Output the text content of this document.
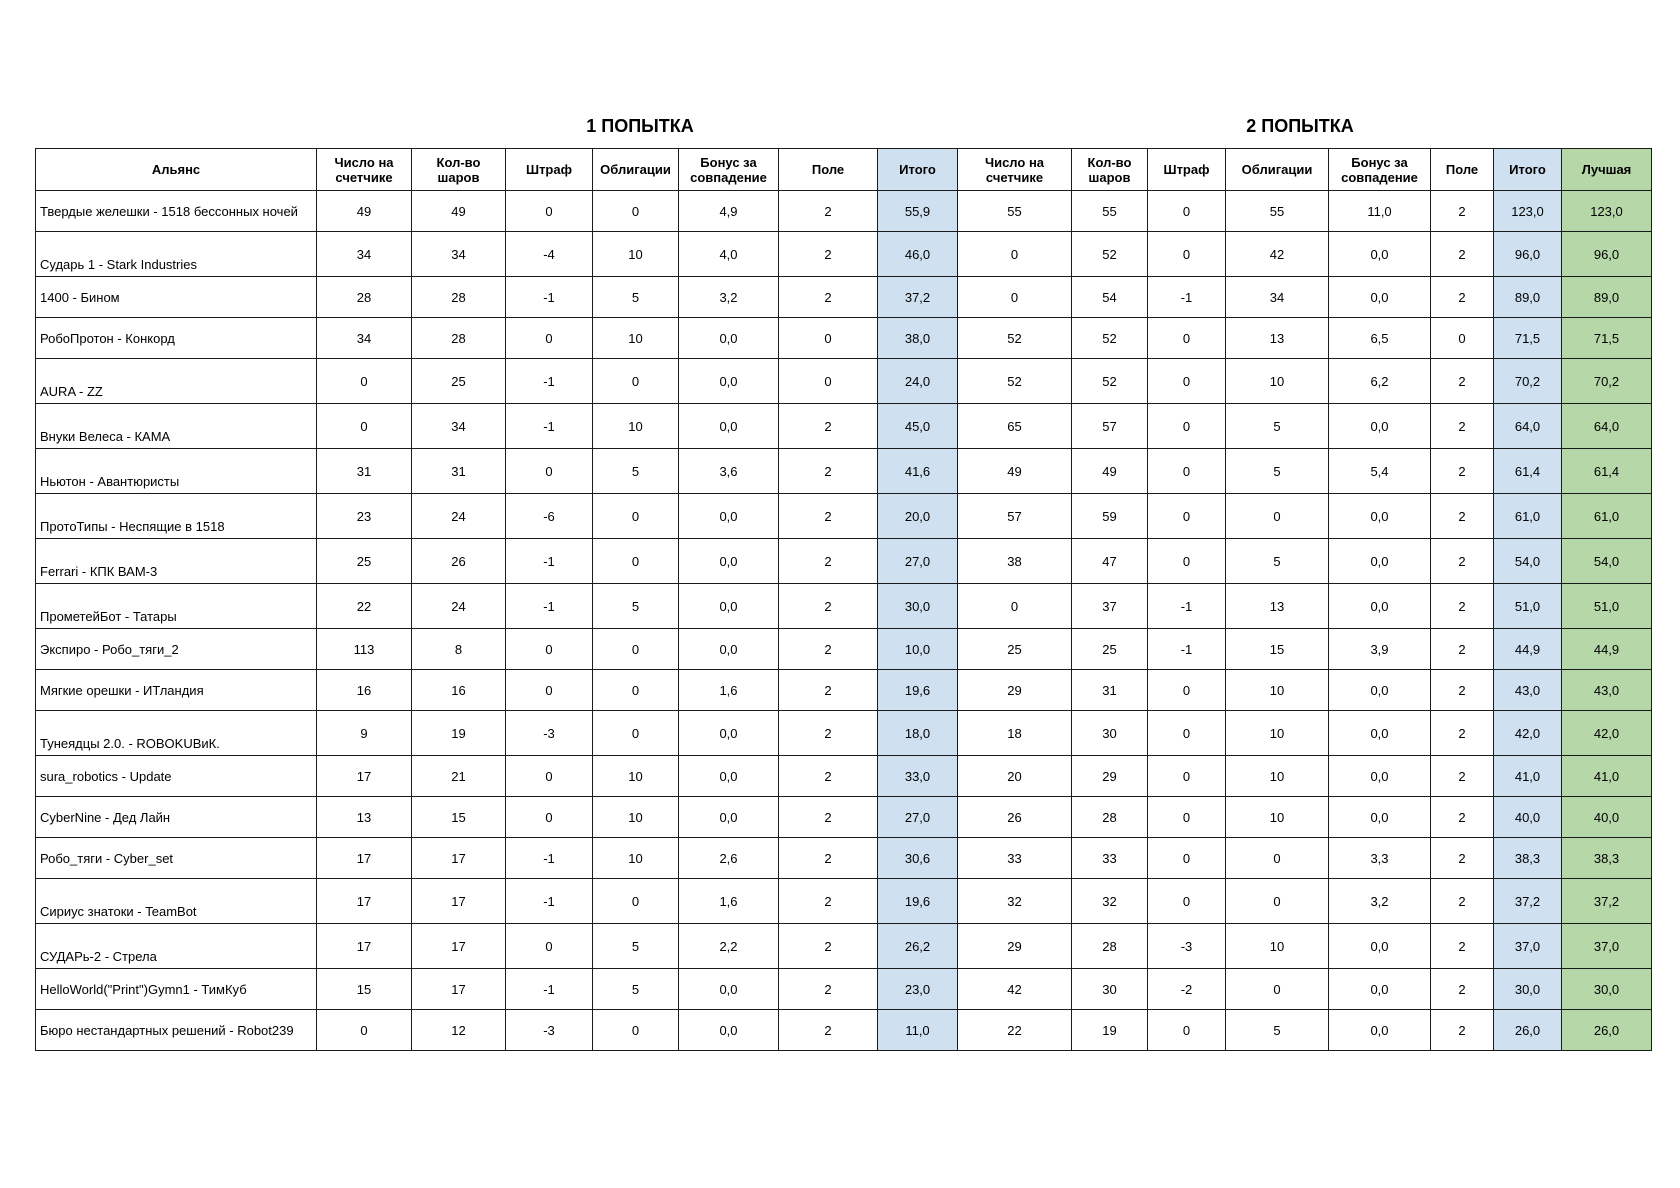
1 ПОПЫТКА	2 ПОПЫТКА
Альянс	Число на счетчике	Кол-во шаров	Штраф	Облигации	Бонус за совпадение	Поле	Итого	Число на счетчике	Кол-во шаров	Штраф	Облигации	Бонус за совпадение	Поле	Итого	Лучшая
Твердые желешки - 1518 бессонных ночей	49	49	0	0	4,9	2	55,9	55	55	0	55	11,0	2	123,0	123,0
Сударь 1 - Stark Industries	34	34	-4	10	4,0	2	46,0	0	52	0	42	0,0	2	96,0	96,0
1400 - Бином	28	28	-1	5	3,2	2	37,2	0	54	-1	34	0,0	2	89,0	89,0
РобоПротон - Конкорд	34	28	0	10	0,0	0	38,0	52	52	0	13	6,5	0	71,5	71,5
AURA - ZZ	0	25	-1	0	0,0	0	24,0	52	52	0	10	6,2	2	70,2	70,2
Внуки Велеса - КАМА	0	34	-1	10	0,0	2	45,0	65	57	0	5	0,0	2	64,0	64,0
Ньютон - Авантюристы	31	31	0	5	3,6	2	41,6	49	49	0	5	5,4	2	61,4	61,4
ПротоТипы - Неспящие в 1518	23	24	-6	0	0,0	2	20,0	57	59	0	0	0,0	2	61,0	61,0
Ferrari - КПК ВАМ-3	25	26	-1	0	0,0	2	27,0	38	47	0	5	0,0	2	54,0	54,0
ПрометейБот - Татары	22	24	-1	5	0,0	2	30,0	0	37	-1	13	0,0	2	51,0	51,0
Экспиро - Робо_тяги_2	113	8	0	0	0,0	2	10,0	25	25	-1	15	3,9	2	44,9	44,9
Мягкие орешки - ИТландия	16	16	0	0	1,6	2	19,6	29	31	0	10	0,0	2	43,0	43,0
Тунеядцы 2.0. - ROBOKUВиК.	9	19	-3	0	0,0	2	18,0	18	30	0	10	0,0	2	42,0	42,0
sura_robotics - Update	17	21	0	10	0,0	2	33,0	20	29	0	10	0,0	2	41,0	41,0
CyberNine - Дед Лайн	13	15	0	10	0,0	2	27,0	26	28	0	10	0,0	2	40,0	40,0
Робо_тяги - Cyber_set	17	17	-1	10	2,6	2	30,6	33	33	0	0	3,3	2	38,3	38,3
Сириус знатоки - TeamBot	17	17	-1	0	1,6	2	19,6	32	32	0	0	3,2	2	37,2	37,2
СУДАРь-2 - Стрела	17	17	0	5	2,2	2	26,2	29	28	-3	10	0,0	2	37,0	37,0
HelloWorld("Print")Gymn1 - ТимКуб	15	17	-1	5	0,0	2	23,0	42	30	-2	0	0,0	2	30,0	30,0
Бюро нестандартных решений - Robot239	0	12	-3	0	0,0	2	11,0	22	19	0	5	0,0	2	26,0	26,0
